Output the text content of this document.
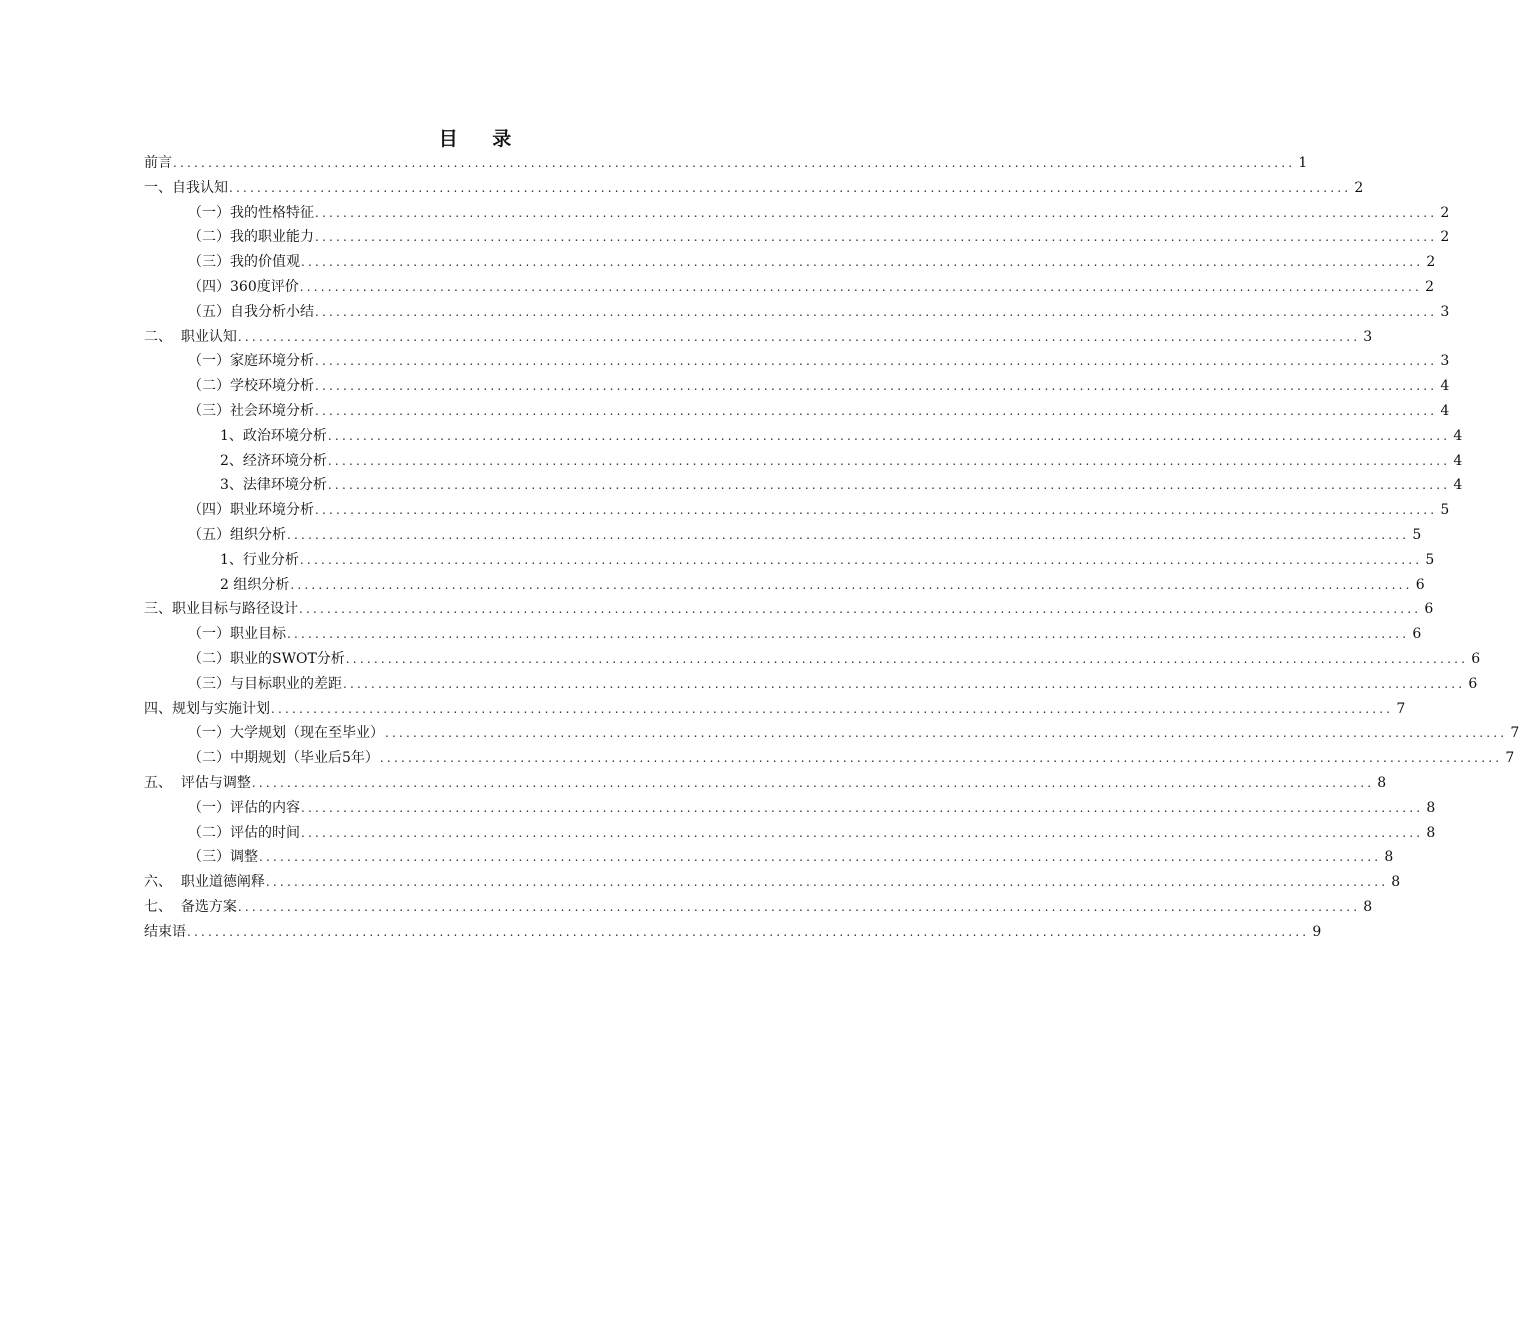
目 录
前言 ................................................................................................................................................................ 1
一、自我认知 ................................................................................................................................................................ 2
（一）我的性格特征 ................................................................................................................................................................ 2
（二）我的职业能力 ................................................................................................................................................................ 2
（三）我的价值观 ................................................................................................................................................................ 2
（四）360度评价 ................................................................................................................................................................ 2
（五）自我分析小结 ................................................................................................................................................................ 3
二、  职业认知 ................................................................................................................................................................ 3
（一）家庭环境分析 ................................................................................................................................................................ 3
（二）学校环境分析 ................................................................................................................................................................ 4
（三）社会环境分析 ................................................................................................................................................................ 4
1、政治环境分析 ................................................................................................................................................................ 4
2、经济环境分析 ................................................................................................................................................................ 4
3、法律环境分析 ................................................................................................................................................................ 4
（四）职业环境分析 ................................................................................................................................................................ 5
（五）组织分析 ................................................................................................................................................................ 5
1、行业分析 ................................................................................................................................................................ 5
2 组织分析 ................................................................................................................................................................ 6
三、职业目标与路径设计 ................................................................................................................................................................ 6
（一）职业目标 ................................................................................................................................................................ 6
（二）职业的SWOT分析 ................................................................................................................................................................ 6
（三）与目标职业的差距 ................................................................................................................................................................ 6
四、规划与实施计划 ................................................................................................................................................................ 7
（一）大学规划（现在至毕业） ................................................................................................................................................................ 7
（二）中期规划（毕业后5年） ................................................................................................................................................................ 7
五、  评估与调整 ................................................................................................................................................................ 8
（一）评估的内容 ................................................................................................................................................................ 8
（二）评估的时间 ................................................................................................................................................................ 8
（三）调整 ................................................................................................................................................................ 8
六、  职业道德阐释 ................................................................................................................................................................ 8
七、  备选方案 ................................................................................................................................................................ 8
结束语 ................................................................................................................................................................ 9
